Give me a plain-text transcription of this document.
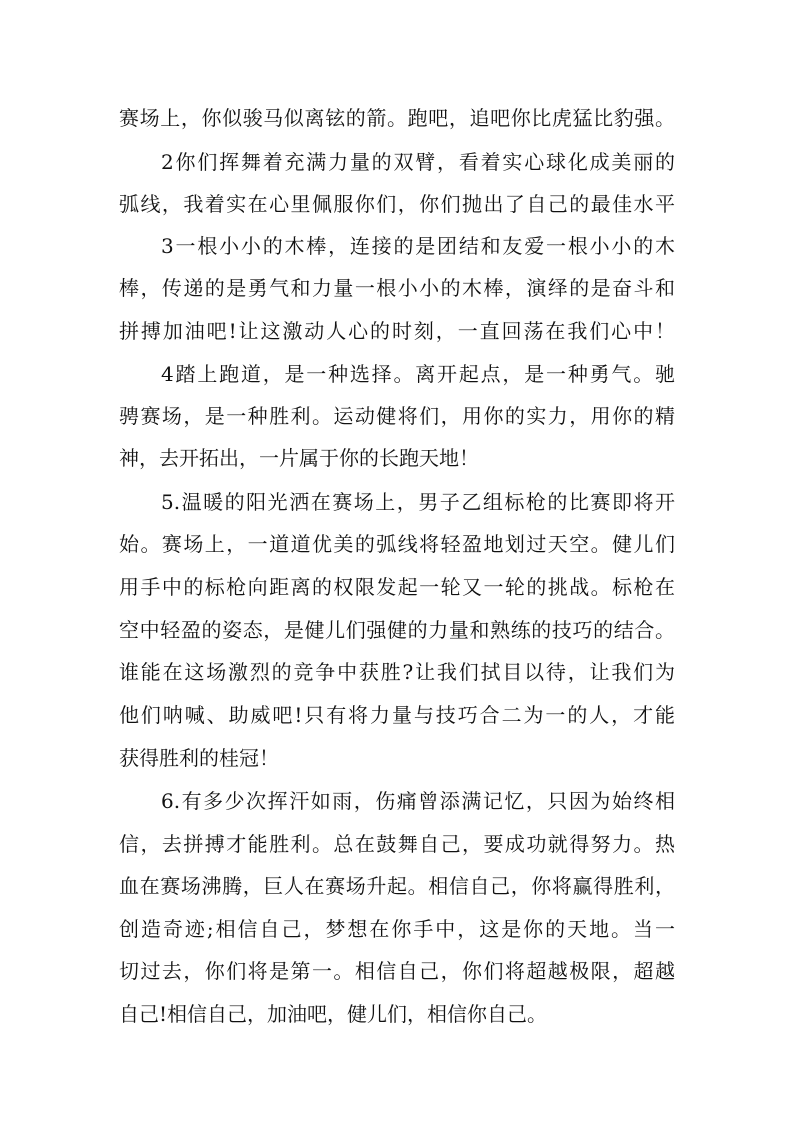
赛场上，你似骏马似离铉的箭。跑吧，追吧你比虎猛比豹强。
2你们挥舞着充满力量的双臂，看着实心球化成美丽的
弧线，我着实在心里佩服你们，你们抛出了自己的最佳水平
3一根小小的木棒，连接的是团结和友爱一根小小的木
棒，传递的是勇气和力量一根小小的木棒，演绎的是奋斗和
拼搏加油吧!让这激动人心的时刻，一直回荡在我们心中！
4踏上跑道，是一种选择。离开起点，是一种勇气。驰
骋赛场，是一种胜利。运动健将们，用你的实力，用你的精
神，去开拓出，一片属于你的长跑天地！
5.温暖的阳光洒在赛场上，男子乙组标枪的比赛即将开
始。赛场上，一道道优美的弧线将轻盈地划过天空。健儿们
用手中的标枪向距离的权限发起一轮又一轮的挑战。标枪在
空中轻盈的姿态，是健儿们强健的力量和熟练的技巧的结合。
谁能在这场激烈的竞争中获胜?让我们拭目以待，让我们为
他们呐喊、助威吧!只有将力量与技巧合二为一的人，才能
获得胜利的桂冠！
6.有多少次挥汗如雨，伤痛曾添满记忆，只因为始终相
信，去拼搏才能胜利。总在鼓舞自己，要成功就得努力。热
血在赛场沸腾，巨人在赛场升起。相信自己，你将赢得胜利，
创造奇迹;相信自己，梦想在你手中，这是你的天地。当一
切过去，你们将是第一。相信自己，你们将超越极限，超越
自己!相信自己，加油吧，健儿们，相信你自己。
